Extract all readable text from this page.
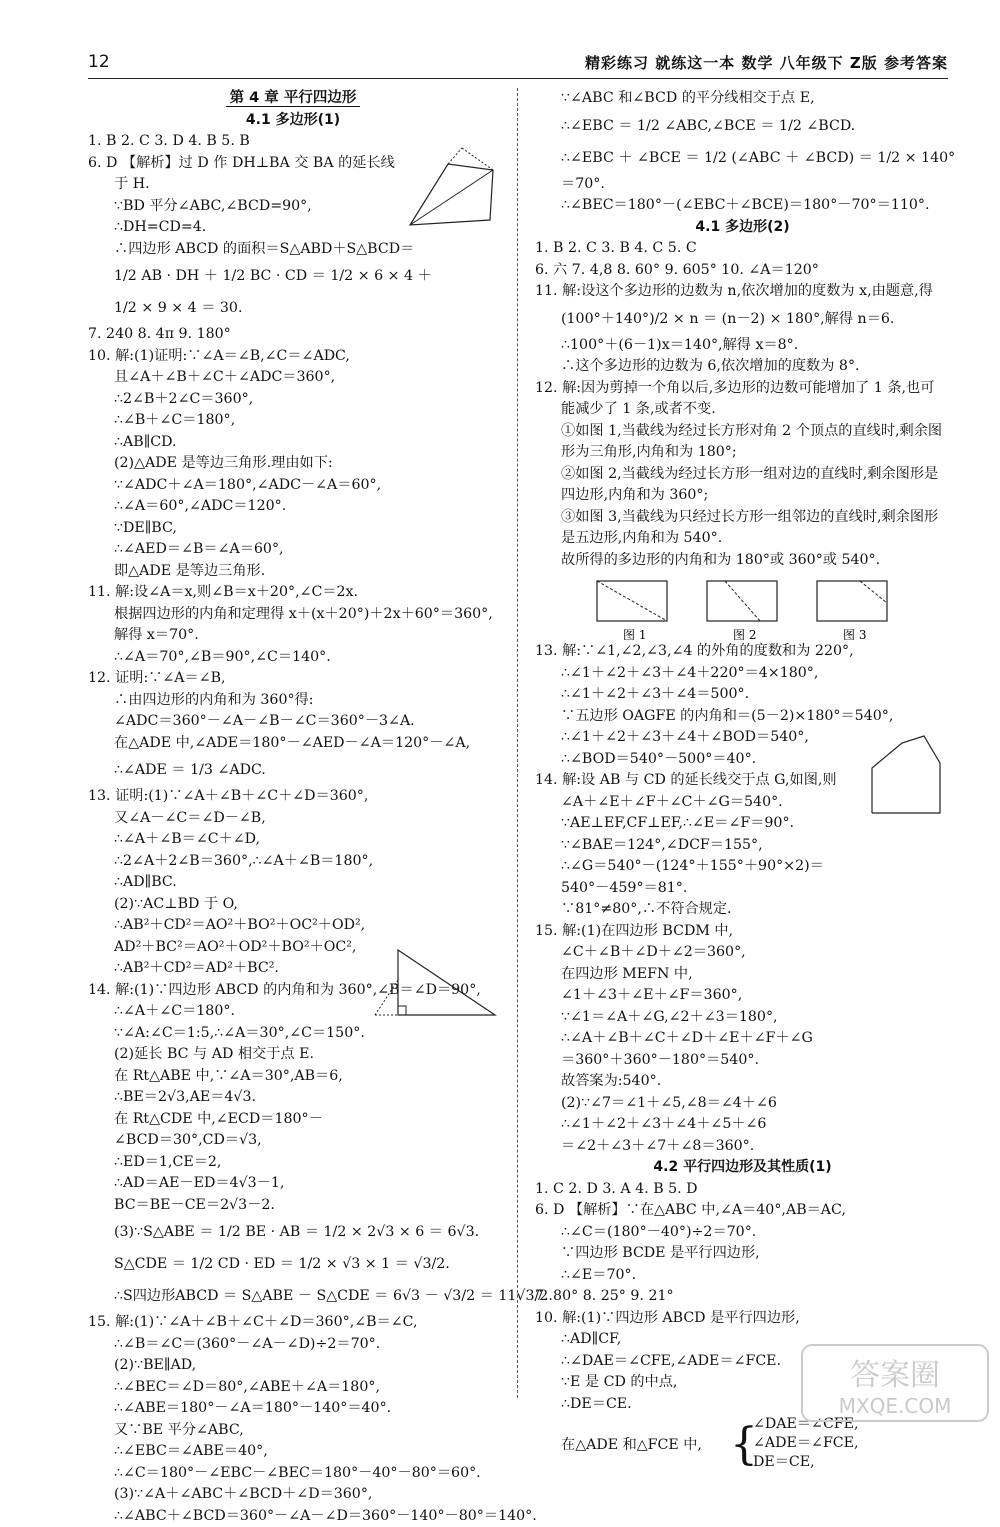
12	精彩练习 就练这一本 数学 八年级下 Z版 参考答案

第 4 章 平行四边形

4.1 多边形(1)

1. B 2. C 3. D 4. B 5. B

6. D 【解析】过 D 作 DH⊥BA 交 BA 的延长线

于 H.

∵BD 平分∠ABC,∠BCD=90°,

∴DH=CD=4.

∴四边形 ABCD 的面积＝S△ABD＋S△BCD＝

1/2 AB · DH ＋ 1/2 BC · CD ＝ 1/2 × 6 × 4 ＋

1/2 × 9 × 4 ＝ 30.

7. 240 8. 4π 9. 180°

10. 解:(1)证明:∵∠A＝∠B,∠C＝∠ADC,

且∠A＋∠B＋∠C＋∠ADC＝360°,

∴2∠B＋2∠C＝360°,

∴∠B＋∠C＝180°,

∴AB∥CD.

(2)△ADE 是等边三角形.理由如下:

∵∠ADC＋∠A＝180°,∠ADC－∠A＝60°,

∴∠A＝60°,∠ADC＝120°.

∵DE∥BC,

∴∠AED＝∠B＝∠A＝60°,

即△ADE 是等边三角形.

11. 解:设∠A＝x,则∠B＝x＋20°,∠C＝2x.

根据四边形的内角和定理得 x＋(x＋20°)＋2x＋60°＝360°,

解得 x＝70°.

∴∠A＝70°,∠B＝90°,∠C＝140°.

12. 证明:∵∠A＝∠B,

∴由四边形的内角和为 360°得:

∠ADC＝360°－∠A－∠B－∠C＝360°－3∠A.

在△ADE 中,∠ADE＝180°－∠AED－∠A＝120°－∠A,

∴∠ADE ＝ 1/3 ∠ADC.

13. 证明:(1)∵∠A＋∠B＋∠C＋∠D＝360°,

又∠A－∠C＝∠D－∠B,

∴∠A＋∠B＝∠C＋∠D,

∴2∠A＋2∠B＝360°,∴∠A＋∠B＝180°,

∴AD∥BC.

(2)∵AC⊥BD 于 O,

∴AB²＋CD²＝AO²＋BO²＋OC²＋OD²,

AD²＋BC²＝AO²＋OD²＋BO²＋OC²,

∴AB²＋CD²＝AD²＋BC².

14. 解:(1)∵四边形 ABCD 的内角和为 360°,∠B＝∠D＝90°,

∴∠A＋∠C＝180°.

∵∠A:∠C＝1:5,∴∠A＝30°,∠C＝150°.

(2)延长 BC 与 AD 相交于点 E.

在 Rt△ABE 中,∵∠A＝30°,AB＝6,

∴BE＝2√3,AE＝4√3.

在 Rt△CDE 中,∠ECD＝180°－

∠BCD＝30°,CD＝√3,

∴ED＝1,CE＝2,

∴AD＝AE－ED＝4√3－1,

BC＝BE－CE＝2√3－2.

(3)∵S△ABE ＝ 1/2 BE · AB ＝ 1/2 × 2√3 × 6 ＝ 6√3.

S△CDE ＝ 1/2 CD · ED ＝ 1/2 × √3 × 1 ＝ √3/2.

∴S四边形ABCD ＝ S△ABE － S△CDE ＝ 6√3 － √3/2 ＝ 11√3/2.

15. 解:(1)∵∠A＋∠B＋∠C＋∠D＝360°,∠B＝∠C,

∴∠B＝∠C＝(360°－∠A－∠D)÷2＝70°.

(2)∵BE∥AD,

∴∠BEC＝∠D＝80°,∠ABE＋∠A＝180°,

∴∠ABE＝180°－∠A＝180°－140°＝40°.

又∵BE 平分∠ABC,

∴∠EBC＝∠ABE＝40°,

∴∠C＝180°－∠EBC－∠BEC＝180°－40°－80°＝60°.

(3)∵∠A＋∠ABC＋∠BCD＋∠D＝360°,

∴∠ABC＋∠BCD＝360°－∠A－∠D＝360°－140°－80°＝140°.

∵∠ABC 和∠BCD 的平分线相交于点 E,

∴∠EBC ＝ 1/2 ∠ABC,∠BCE ＝ 1/2 ∠BCD.

∴∠EBC ＋ ∠BCE ＝ 1/2 (∠ABC ＋ ∠BCD) ＝ 1/2 × 140°

＝70°.

∴∠BEC＝180°－(∠EBC＋∠BCE)＝180°－70°＝110°.

4.1 多边形(2)

1. B 2. C 3. B 4. C 5. C

6. 六 7. 4,8 8. 60° 9. 605° 10. ∠A＝120°

11. 解:设这个多边形的边数为 n,依次增加的度数为 x,由题意,得

(100°＋140°)/2 × n ＝ (n－2) × 180°,解得 n＝6.

∴100°＋(6－1)x＝140°,解得 x＝8°.

∴这个多边形的边数为 6,依次增加的度数为 8°.

12. 解:因为剪掉一个角以后,多边形的边数可能增加了 1 条,也可

能减少了 1 条,或者不变.

①如图 1,当截线为经过长方形对角 2 个顶点的直线时,剩余图

形为三角形,内角和为 180°;

②如图 2,当截线为经过长方形一组对边的直线时,剩余图形是

四边形,内角和为 360°;

③如图 3,当截线为只经过长方形一组邻边的直线时,剩余图形

是五边形,内角和为 540°.

故所得的多边形的内角和为 180°或 360°或 540°.

图 1	图 2	图 3

13. 解:∵∠1,∠2,∠3,∠4 的外角的度数和为 220°,

∴∠1＋∠2＋∠3＋∠4＋220°＝4×180°,

∴∠1＋∠2＋∠3＋∠4＝500°.

∵五边形 OAGFE 的内角和＝(5－2)×180°＝540°,

∴∠1＋∠2＋∠3＋∠4＋∠BOD＝540°,

∴∠BOD＝540°－500°＝40°.

14. 解:设 AB 与 CD 的延长线交于点 G,如图,则

∠A＋∠E＋∠F＋∠C＋∠G＝540°.

∵AE⊥EF,CF⊥EF,∴∠E＝∠F＝90°.

∵∠BAE＝124°,∠DCF＝155°,

∴∠G＝540°－(124°＋155°＋90°×2)＝

540°－459°＝81°.

∵81°≠80°,∴不符合规定.

15. 解:(1)在四边形 BCDM 中,

∠C＋∠B＋∠D＋∠2＝360°,

在四边形 MEFN 中,

∠1＋∠3＋∠E＋∠F＝360°,

∵∠1＝∠A＋∠G,∠2＋∠3＝180°,

∴∠A＋∠B＋∠C＋∠D＋∠E＋∠F＋∠G

＝360°＋360°－180°＝540°.

故答案为:540°.

(2)∵∠7＝∠1＋∠5,∠8＝∠4＋∠6

∴∠1＋∠2＋∠3＋∠4＋∠5＋∠6

＝∠2＋∠3＋∠7＋∠8＝360°.

4.2 平行四边形及其性质(1)

1. C 2. D 3. A 4. B 5. D

6. D 【解析】∵在△ABC 中,∠A＝40°,AB＝AC,

∴∠C＝(180°－40°)÷2＝70°.

∵四边形 BCDE 是平行四边形,

∴∠E＝70°.

7. 80° 8. 25° 9. 21°

10. 解:(1)∵四边形 ABCD 是平行四边形,

∴AD∥CF,

∴∠DAE＝∠CFE,∠ADE＝∠FCE.

∵E 是 CD 的中点,

∴DE＝CE.

在△ADE 和△FCE 中, {
∠DAE＝∠CFE,
∠ADE＝∠FCE,
DE＝CE,

答案圈
MXQE.COM
